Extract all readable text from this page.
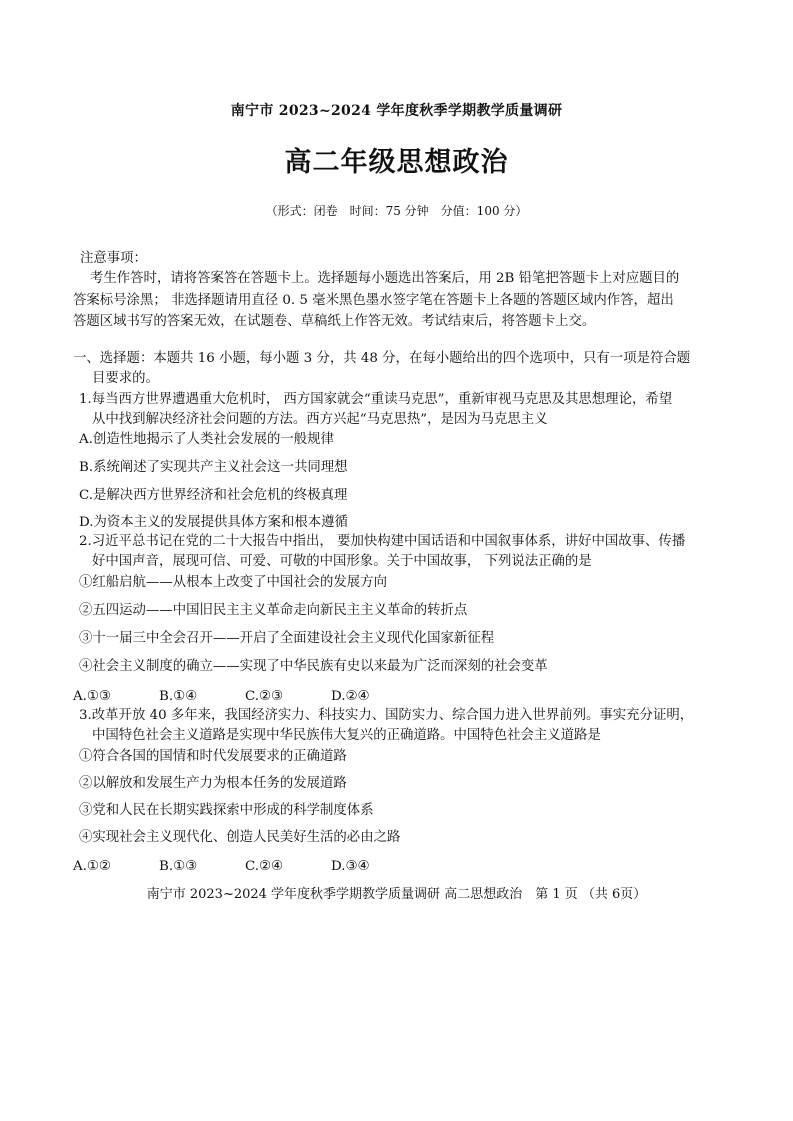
南宁市 2023~2024 学年度秋季学期教学质量调研
高二年级思想政治
（形式：闭卷　时间：75 分钟　分值：100 分）
注意事项：
考生作答时，请将答案答在答题卡上。选择题每小题选出答案后，用 2B 铅笔把答题卡上对应题目的
答案标号涂黑； 非选择题请用直径 0. 5 毫米黑色墨水签字笔在答题卡上各题的答题区域内作答，超出
答题区域书写的答案无效，在试题卷、草稿纸上作答无效。考试结束后，将答题卡上交。
一、选择题：本题共 16 小题，每小题 3 分，共 48 分，在每小题给出的四个选项中，只有一项是符合题
目要求的。
1.每当西方世界遭遇重大危机时， 西方国家就会“重读马克思”，重新审视马克思及其思想理论，希望
从中找到解决经济社会问题的方法。西方兴起“马克思热”，是因为马克思主义
A.创造性地揭示了人类社会发展的一般规律
B.系统阐述了实现共产主义社会这一共同理想
C.是解决西方世界经济和社会危机的终极真理
D.为资本主义的发展提供具体方案和根本遵循
2.习近平总书记在党的二十大报告中指出， 要加快构建中国话语和中国叙事体系，讲好中国故事、传播
好中国声音，展现可信、可爱、可敬的中国形象。关于中国故事， 下列说法正确的是
①红船启航——从根本上改变了中国社会的发展方向
②五四运动——中国旧民主主义革命走向新民主主义革命的转折点
③十一届三中全会召开——开启了全面建设社会主义现代化国家新征程
④社会主义制度的确立——实现了中华民族有史以来最为广泛而深刻的社会变革
A.①③	B.①④	C.②③	D.②④
3.改革开放 40 多年来，我国经济实力、科技实力、国防实力、综合国力进入世界前列。事实充分证明，
中国特色社会主义道路是实现中华民族伟大复兴的正确道路。中国特色社会主义道路是
①符合各国的国情和时代发展要求的正确道路
②以解放和发展生产力为根本任务的发展道路
③党和人民在长期实践探索中形成的科学制度体系
④实现社会主义现代化、创造人民美好生活的必由之路
A.①②	B.①③	C.②④	D.③④
南宁市 2023~2024 学年度秋季学期教学质量调研 高二思想政治　第 1 页 （共 6页）
